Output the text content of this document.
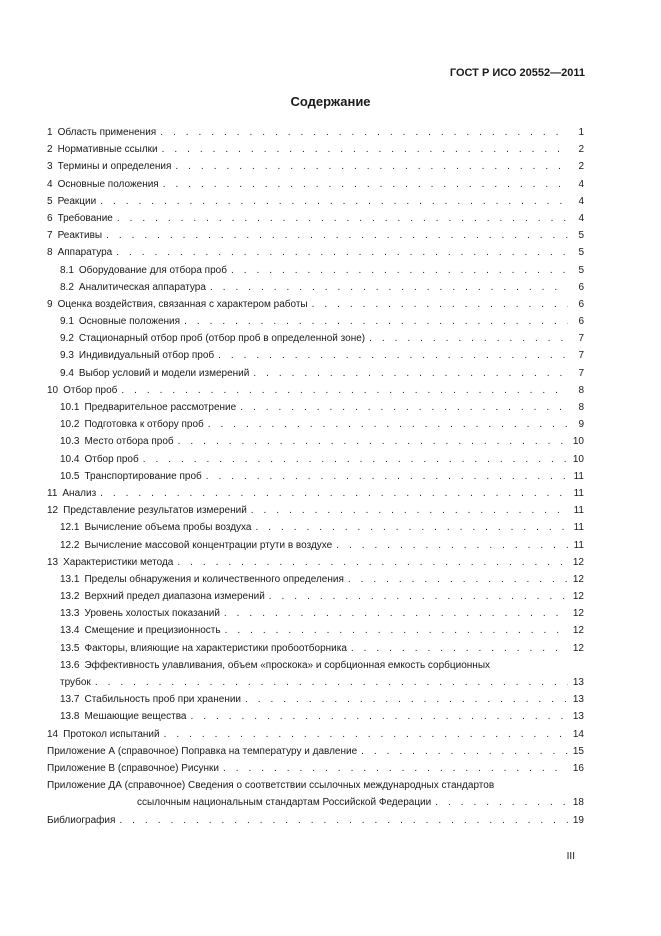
ГОСТ Р ИСО 20552—2011
Содержание
1 Область применения . . .	1
2 Нормативные ссылки . . .	2
3 Термины и определения . . .	2
4 Основные положения . . .	4
5 Реакции . . .	4
6 Требование . . .	4
7 Реактивы . . .	5
8 Аппаратура . . .	5
8.1 Оборудование для отбора проб . . .	5
8.2 Аналитическая аппаратура . . .	6
9 Оценка воздействия, связанная с характером работы . . .	6
9.1 Основные положения . . .	6
9.2 Стационарный отбор проб (отбор проб в определенной зоне) . . .	7
9.3 Индивидуальный отбор проб . . .	7
9.4 Выбор условий и модели измерений . . .	7
10 Отбор проб . . .	8
10.1 Предварительное рассмотрение . . .	8
10.2 Подготовка к отбору проб . . .	9
10.3 Место отбора проб . . .	10
10.4 Отбор проб . . .	10
10.5 Транспортирование проб . . .	11
11 Анализ . . .	11
12 Представление результатов измерений . . .	11
12.1 Вычисление объема пробы воздуха . . .	11
12.2 Вычисление массовой концентрации ртути в воздухе . . .	11
13 Характеристики метода . . .	12
13.1 Пределы обнаружения и количественного определения . . .	12
13.2 Верхний предел диапазона измерений . . .	12
13.3 Уровень холостых показаний . . .	12
13.4 Смещение и прецизионность . . .	12
13.5 Факторы, влияющие на характеристики пробоотборника . . .	12
13.6 Эффективность улавливания, объем «проскока» и сорбционная емкость сорбционных
трубок . . .	13
13.7 Стабильность проб при хранении . . .	13
13.8 Мешающие вещества . . .	13
14 Протокол испытаний . . .	14
Приложение А (справочное) Поправка на температуру и давление . . .	15
Приложение В (справочное) Рисунки . . .	16
Приложение ДА (справочное) Сведения о соответствии ссылочных международных стандартов
ссылочным национальным стандартам Российской Федерации . . .	18
Библиография . . .	19
III
